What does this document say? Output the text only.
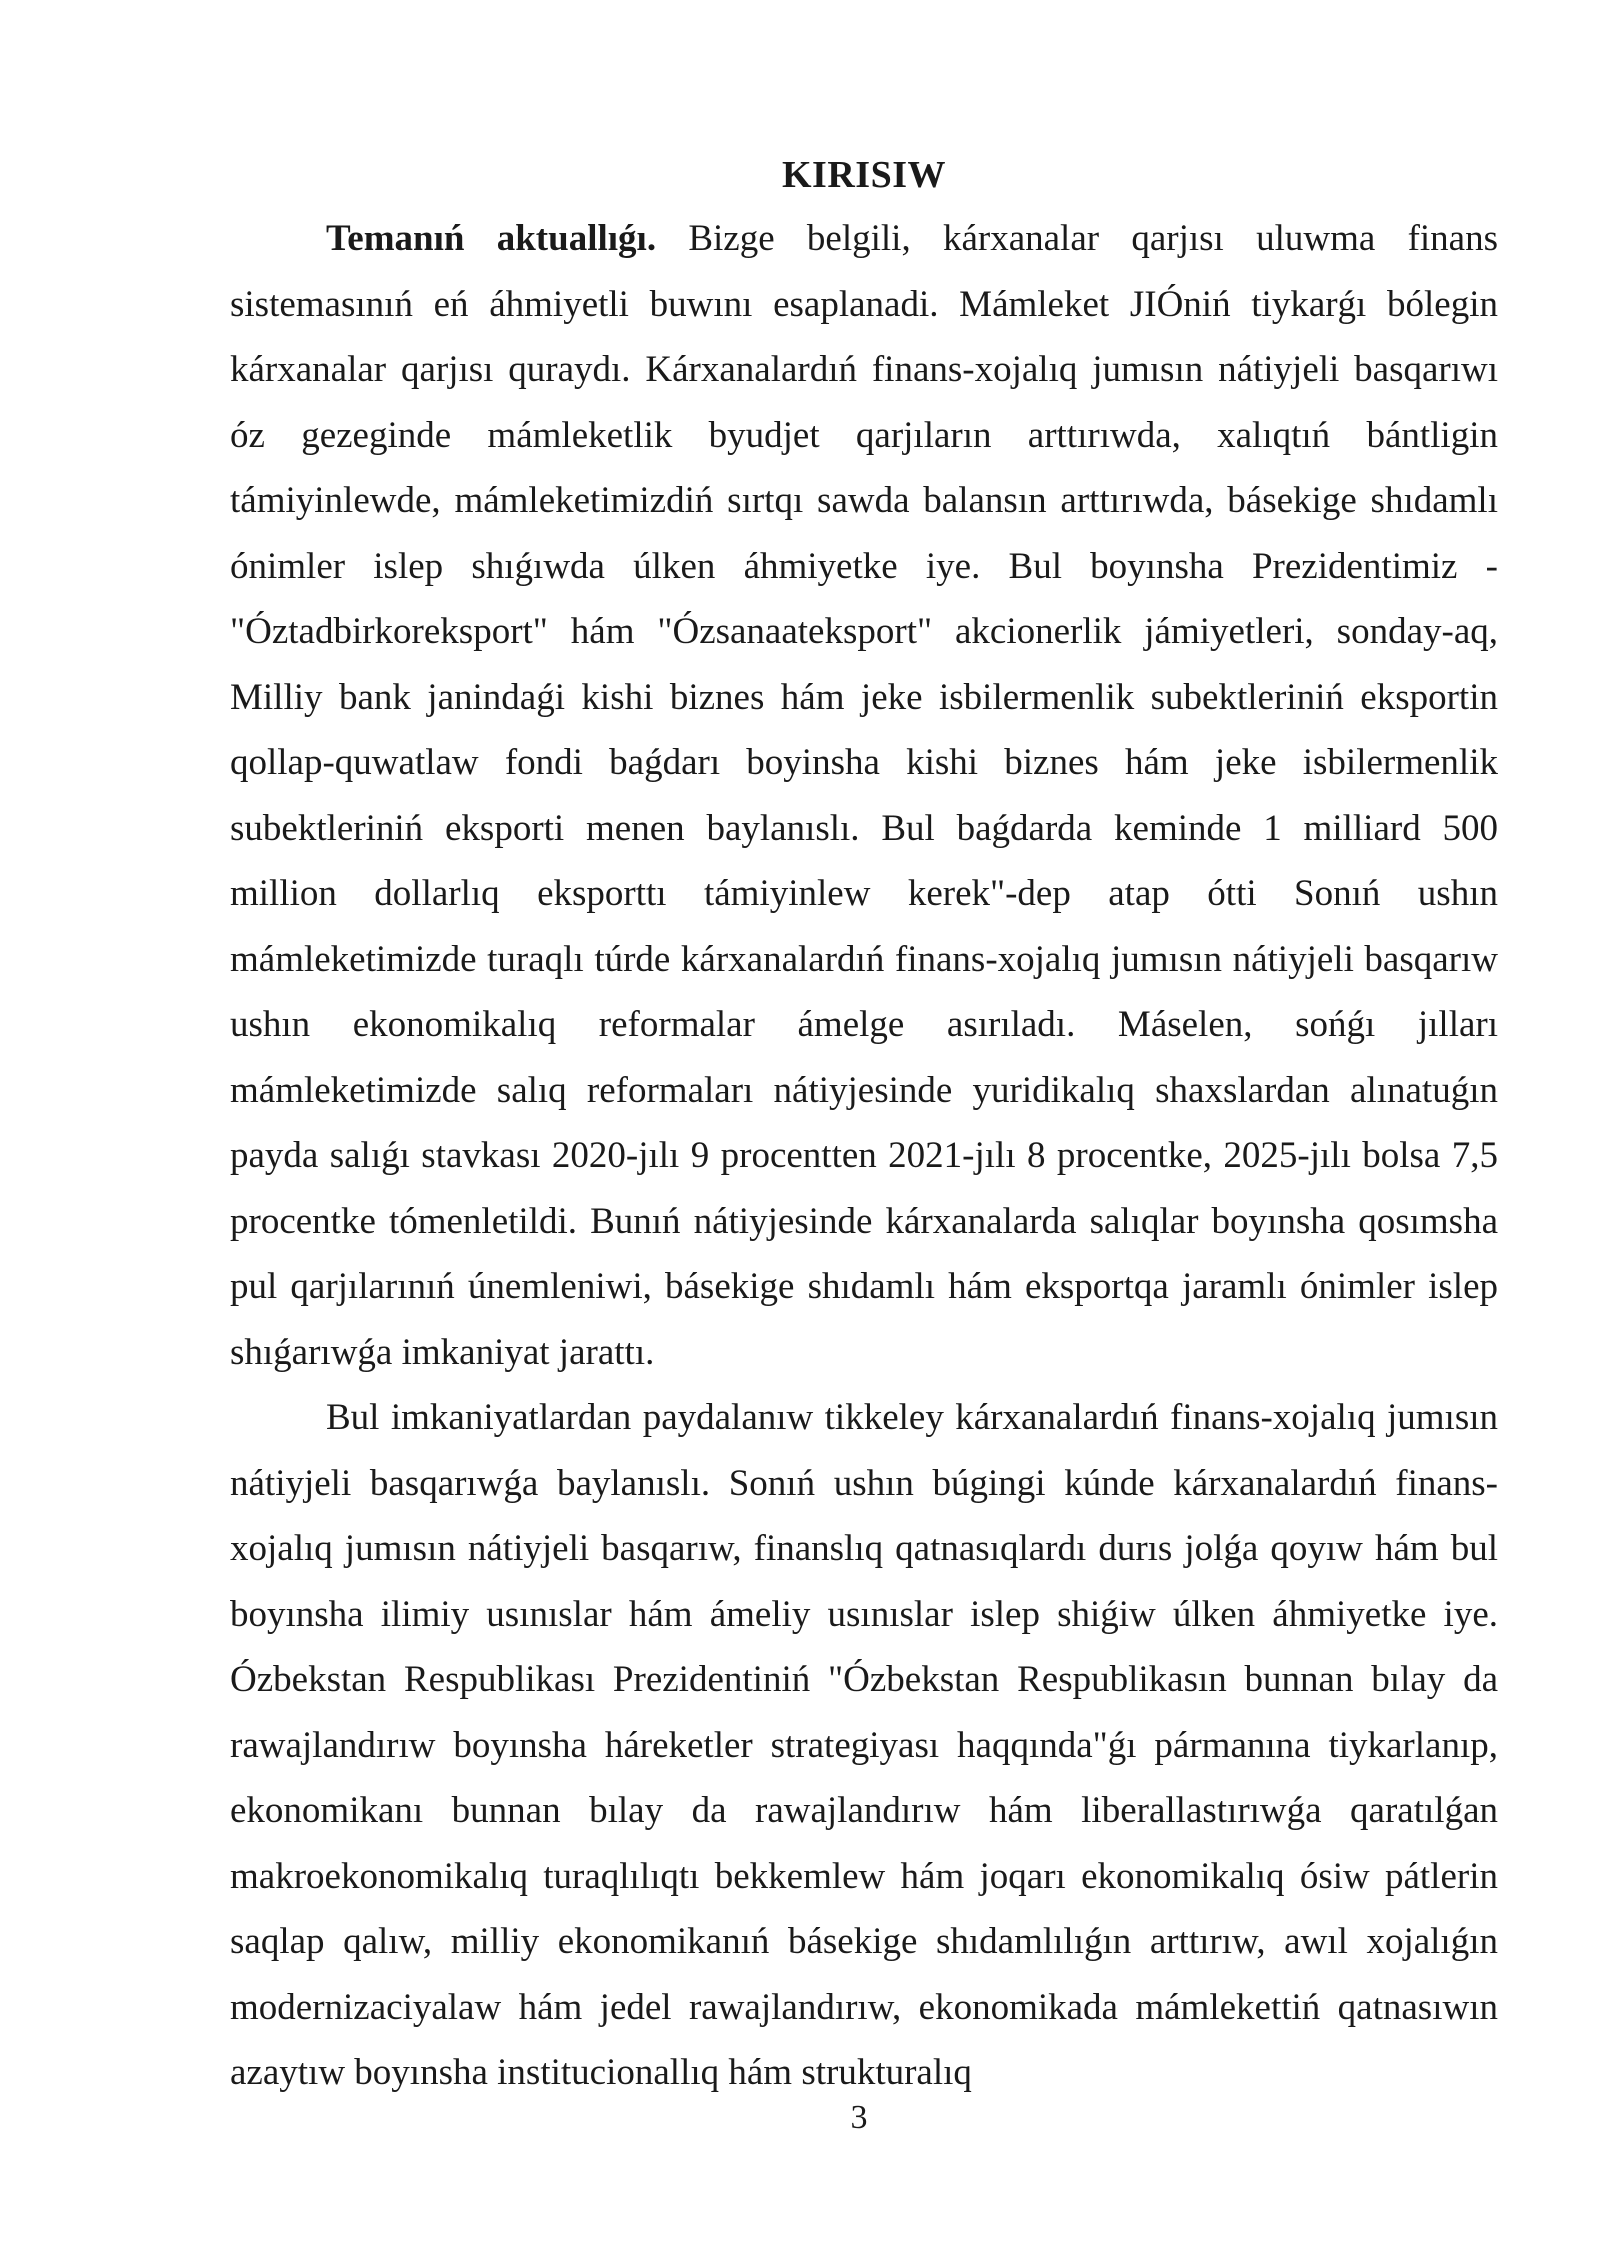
KIRISIW

Temanıń aktuallıǵı. Bizge belgili, kárxanalar qarjısı uluwma finans sistemasınıń eń áhmiyetli buwını esaplanadi. Mámleket JIÓniń tiykarǵı bólegin kárxanalar qarjısı quraydı. Kárxanalardıń finans-xojalıq jumısın nátiyjeli basqarıwı óz gezeginde mámleketlik byudjet qarjıların arttırıwda, xalıqtıń bántligin támiyinlewde, mámleketimizdiń sırtqı sawda balansın arttırıwda, básekige shıdamlı ónimler islep shıǵıwda úlken áhmiyetke iye. Bul boyınsha Prezidentimiz - "Óztadbirkoreksport" hám "Ózsanaateksport" akcionerlik jámiyetleri, sonday-aq, Milliy bank janindaǵi kishi biznes hám jeke isbilermenlik subektleriniń eksportin qollap-quwatlaw fondi baǵdarı boyinsha kishi biznes hám jeke isbilermenlik subektleriniń eksporti menen baylanıslı. Bul baǵdarda keminde 1 milliard 500 million dollarlıq eksporttı támiyinlew kerek"-dep atap ótti Sonıń ushın mámleketimizde turaqlı túrde kárxanalardıń finans-xojalıq jumısın nátiyjeli basqarıw ushın ekonomikalıq reformalar ámelge asırıladı. Máselen, sońǵı jılları mámleketimizde salıq reformaları nátiyjesinde yuridikalıq shaxslardan alınatuǵın payda salıǵı stavkası 2020-jılı 9 procentten 2021-jılı 8 procentke, 2025-jılı bolsa 7,5 procentke tómenletildi. Bunıń nátiyjesinde kárxanalarda salıqlar boyınsha qosımsha pul qarjılarınıń únemleniwi, básekige shıdamlı hám eksportqa jaramlı ónimler islep shıǵarıwǵa imkaniyat jarattı.

Bul imkaniyatlardan paydalanıw tikkeley kárxanalardıń finans-xojalıq jumısın nátiyjeli basqarıwǵa baylanıslı. Sonıń ushın búgingi kúnde kárxanalardıń finans-xojalıq jumısın nátiyjeli basqarıw, finanslıq qatnasıqlardı durıs jolǵa qoyıw hám bul boyınsha ilimiy usınıslar hám ámeliy usınıslar islep shiǵiw úlken áhmiyetke iye. Ózbekstan Respublikası Prezidentiniń "Ózbekstan Respublikasın bunnan bılay da rawajlandırıw boyınsha háreketler strategiyası haqqında"ǵı pármanına tiykarlanıp, ekonomikanı bunnan bılay da rawajlandırıw hám liberallastırıwǵa qaratılǵan makroekonomikalıq turaqlılıqtı bekkemlew hám joqarı ekonomikalıq ósiw pátlerin saqlap qalıw, milliy ekonomikanıń básekige shıdamlılıǵın arttırıw, awıl xojalıǵın modernizaciyalaw hám jedel rawajlandırıw, ekonomikada mámlekettiń qatnasıwın azaytıw boyınsha institucionallıq hám strukturalıq

3
